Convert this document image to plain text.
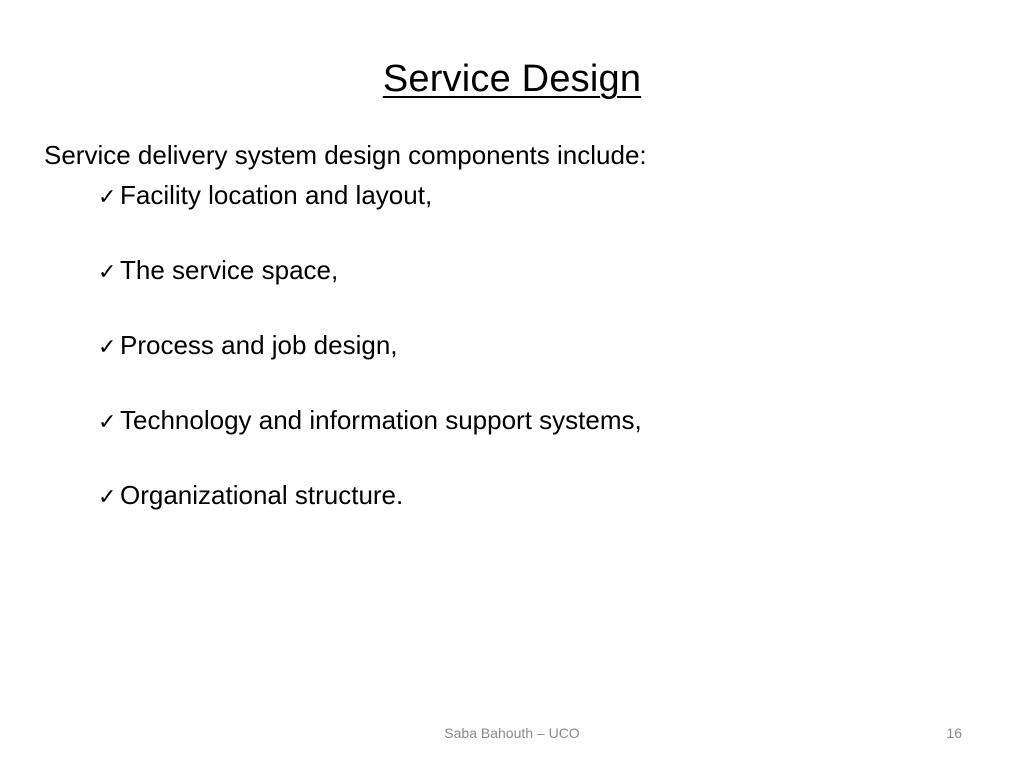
Service Design
Service delivery system design components include:
✓ Facility location and layout,
✓ The service space,
✓ Process and job design,
✓ Technology and information support systems,
✓ Organizational structure.
Saba Bahouth – UCO	16
